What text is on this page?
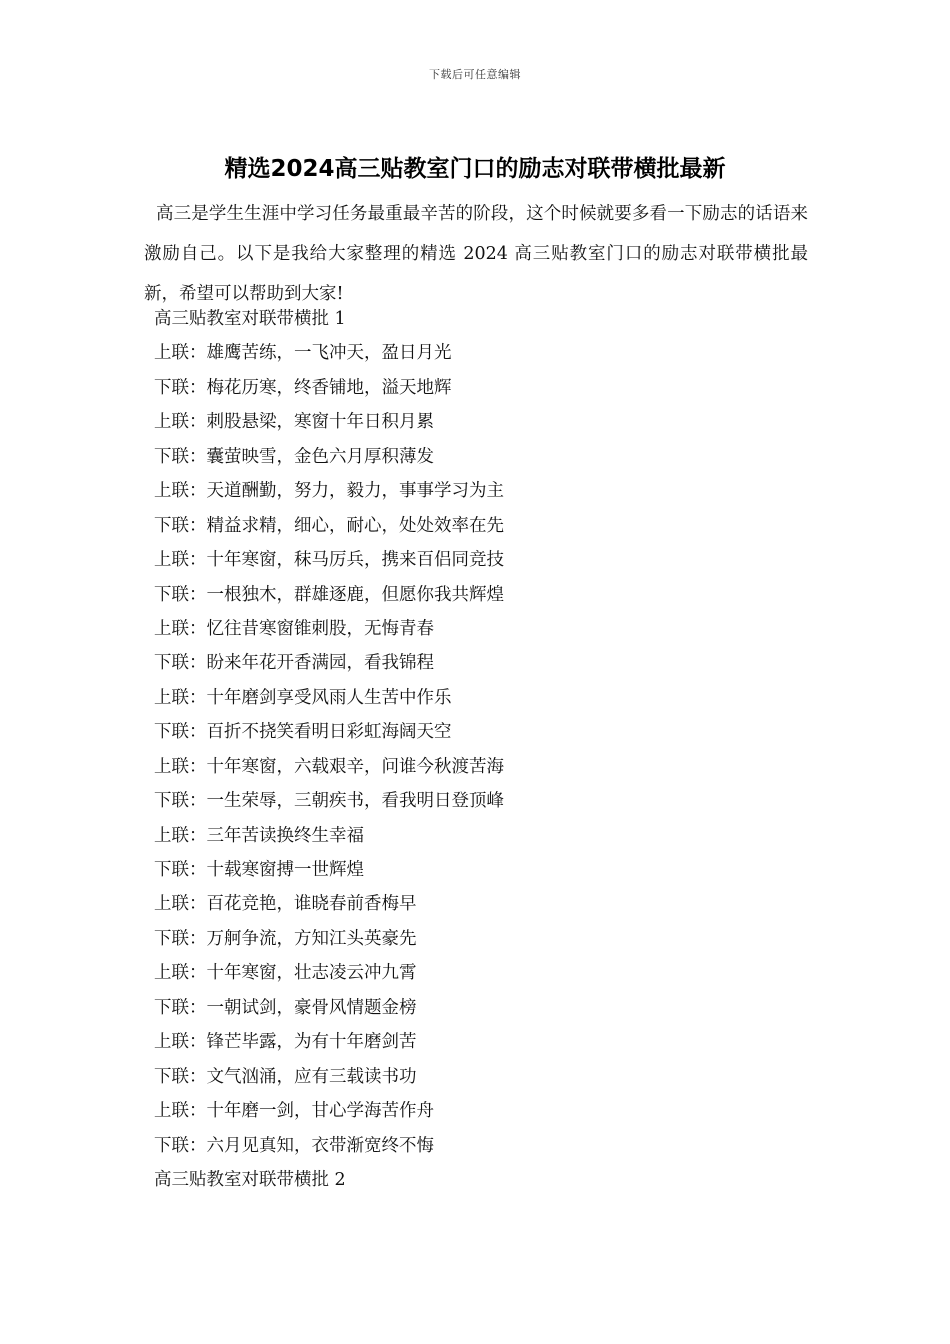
下载后可任意编辑
精选2024高三贴教室门口的励志对联带横批最新

高三是学生生涯中学习任务最重最辛苦的阶段，这个时候就要多看一下励志的话语来激励自己。以下是我给大家整理的精选 2024 高三贴教室门口的励志对联带横批最新，希望可以帮助到大家!

高三贴教室对联带横批 1
上联：雄鹰苦练，一飞冲天，盈日月光
下联：梅花历寒，终香铺地，溢天地辉
上联：刺股悬梁，寒窗十年日积月累
下联：囊萤映雪，金色六月厚积薄发
上联：天道酬勤，努力，毅力，事事学习为主
下联：精益求精，细心，耐心，处处效率在先
上联：十年寒窗，秣马厉兵，携来百侣同竞技
下联：一根独木，群雄逐鹿，但愿你我共辉煌
上联：忆往昔寒窗锥刺股，无悔青春
下联：盼来年花开香满园，看我锦程
上联：十年磨剑享受风雨人生苦中作乐
下联：百折不挠笑看明日彩虹海阔天空
上联：十年寒窗，六载艰辛，问谁今秋渡苦海
下联：一生荣辱，三朝疾书，看我明日登顶峰
上联：三年苦读换终生幸福
下联：十载寒窗搏一世辉煌
上联：百花竞艳，谁晓春前香梅早
下联：万舸争流，方知江头英豪先
上联：十年寒窗，壮志凌云冲九霄
下联：一朝试剑，豪骨风情题金榜
上联：锋芒毕露，为有十年磨剑苦
下联：文气汹涌，应有三载读书功
上联：十年磨一剑，甘心学海苦作舟
下联：六月见真知，衣带渐宽终不悔
高三贴教室对联带横批 2
